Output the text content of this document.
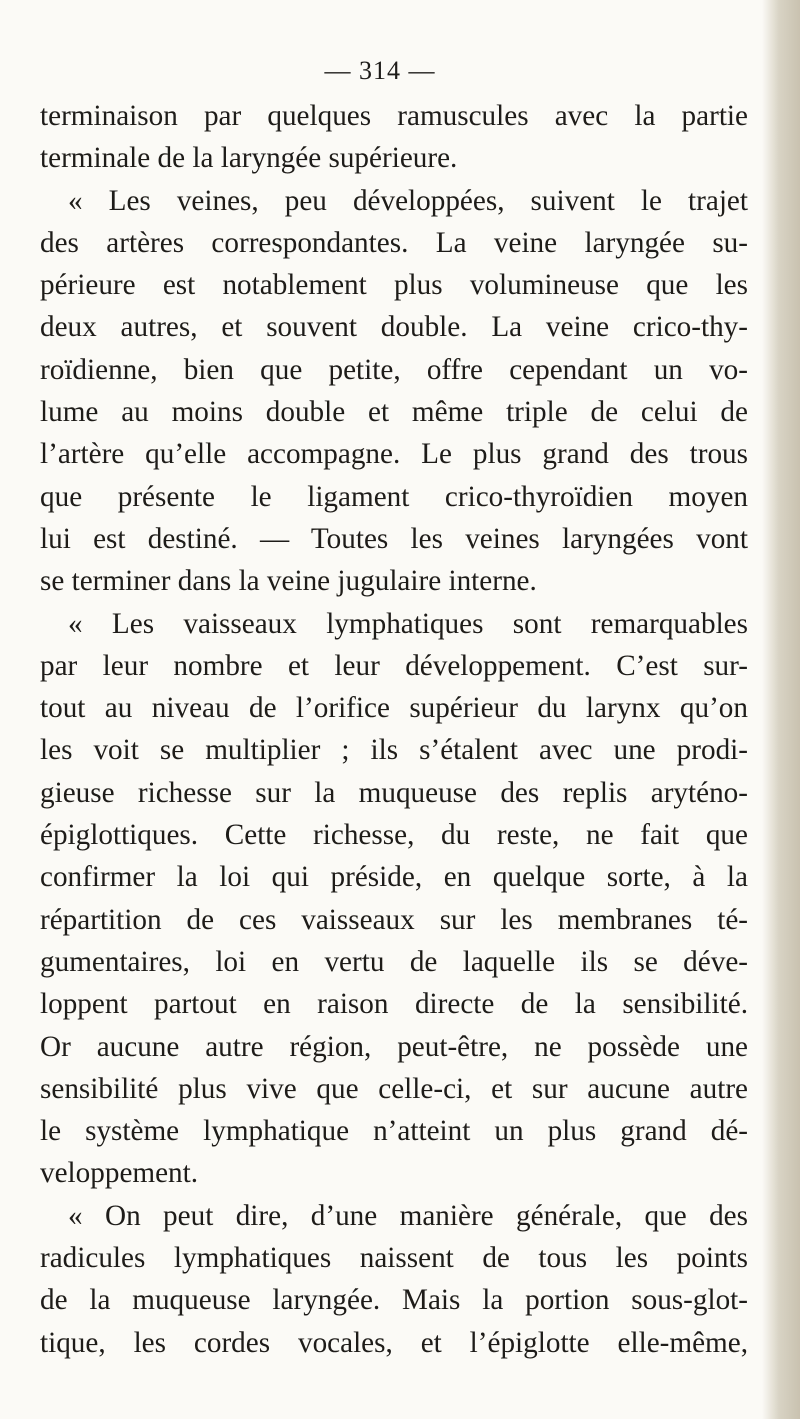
— 314 —
terminaison par quelques ramuscules avec la partie
terminale de la laryngée supérieure.
« Les veines, peu développées, suivent le trajet
des artères correspondantes. La veine laryngée su-
périeure est notablement plus volumineuse que les
deux autres, et souvent double. La veine crico-thy-
roïdienne, bien que petite, offre cependant un vo-
lume au moins double et même triple de celui de
l’artère qu’elle accompagne. Le plus grand des trous
que présente le ligament crico-thyroïdien moyen
lui est destiné. — Toutes les veines laryngées vont
se terminer dans la veine jugulaire interne.
« Les vaisseaux lymphatiques sont remarquables
par leur nombre et leur développement. C’est sur-
tout au niveau de l’orifice supérieur du larynx qu’on
les voit se multiplier ; ils s’étalent avec une prodi-
gieuse richesse sur la muqueuse des replis aryténo-
épiglottiques. Cette richesse, du reste, ne fait que
confirmer la loi qui préside, en quelque sorte, à la
répartition de ces vaisseaux sur les membranes té-
gumentaires, loi en vertu de laquelle ils se déve-
loppent partout en raison directe de la sensibilité.
Or aucune autre région, peut-être, ne possède une
sensibilité plus vive que celle-ci, et sur aucune autre
le système lymphatique n’atteint un plus grand dé-
veloppement.
« On peut dire, d’une manière générale, que des
radicules lymphatiques naissent de tous les points
de la muqueuse laryngée. Mais la portion sous-glot-
tique, les cordes vocales, et l’épiglotte elle-même,
